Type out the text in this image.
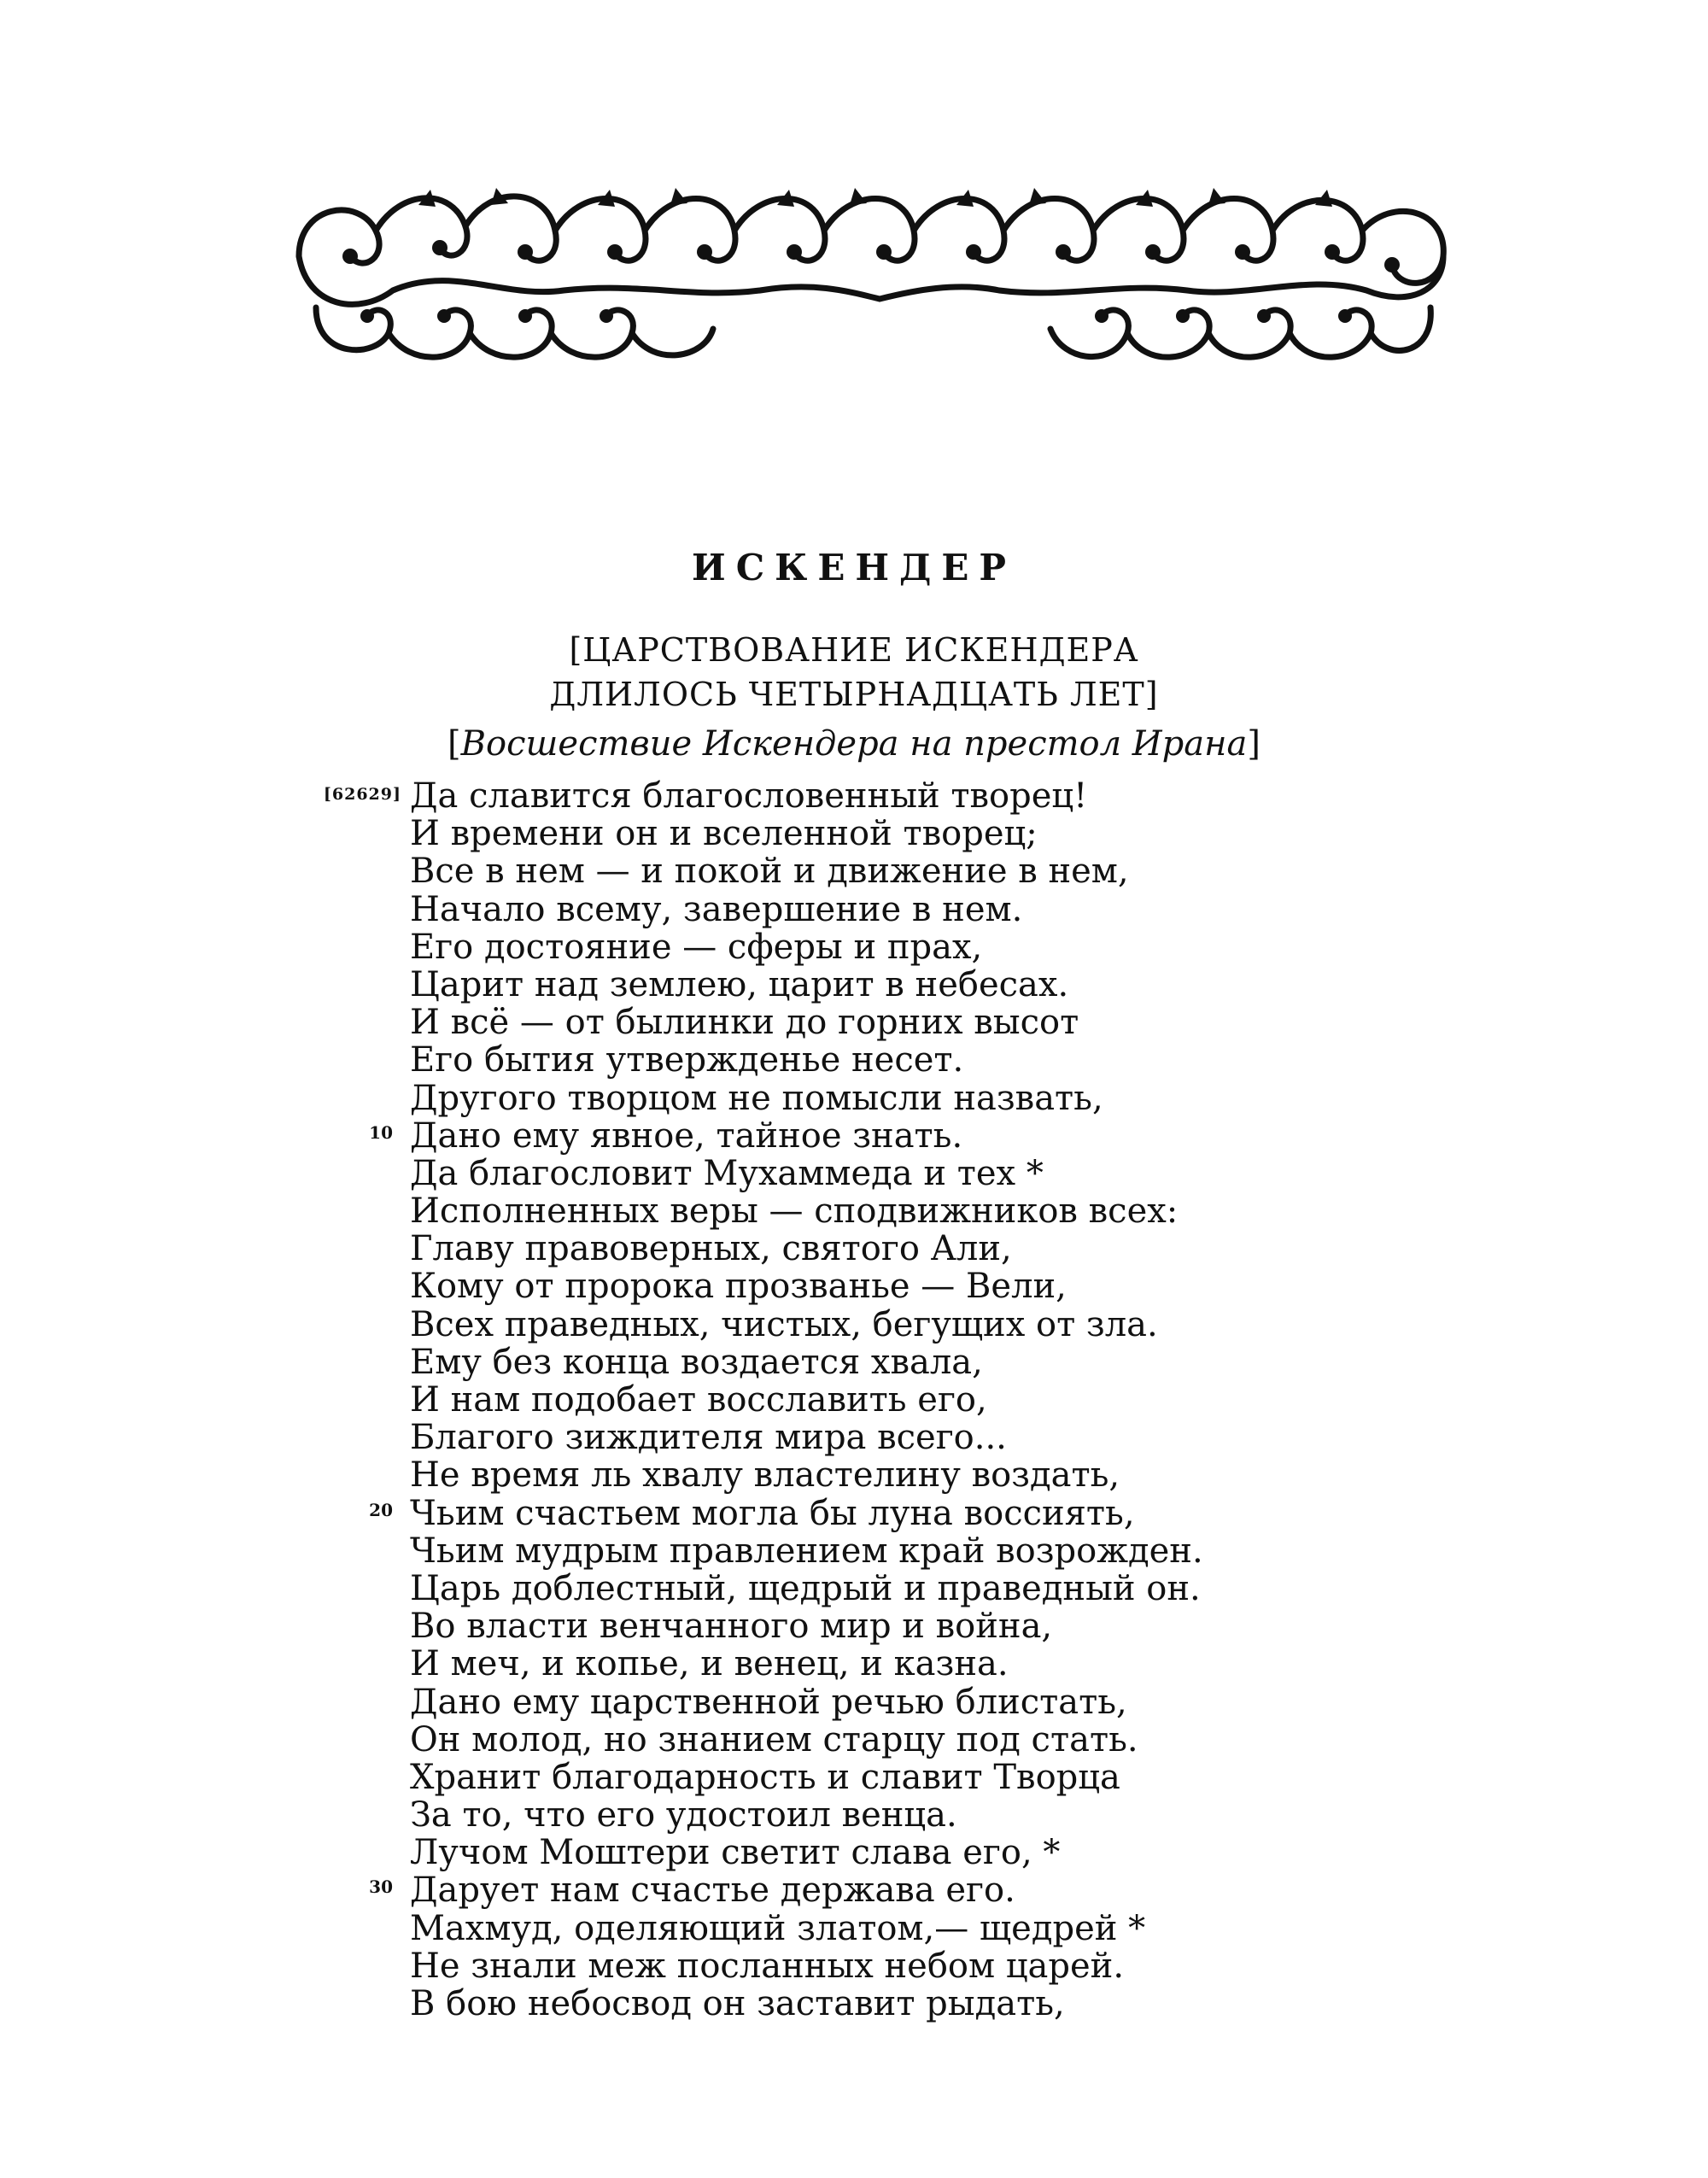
ИСКЕНДЕР
[ЦАРСТВОВАНИЕ ИСКЕНДЕРА
ДЛИЛОСЬ ЧЕТЫРНАДЦАТЬ ЛЕТ]
[Восшествие Искендера на престол Ирана]
[62629] Да славится благословенный творец!
И времени он и вселенной творец;
Все в нем — и покой и движение в нем,
Начало всему, завершение в нем.
Его достояние — сферы и прах,
Царит над землею, царит в небесах.
И всё — от былинки до горних высот
Его бытия утвержденье несет.
Другого творцом не помысли назвать,
10 Дано ему явное, тайное знать.
Да благословит Мухаммеда и тех *
Исполненных веры — сподвижников всех:
Главу правоверных, святого Али,
Кому от пророка прозванье — Вели,
Всех праведных, чистых, бегущих от зла.
Ему без конца воздается хвала,
И нам подобает восславить его,
Благого зиждителя мира всего...
Не время ль хвалу властелину воздать,
20 Чьим счастьем могла бы луна воссиять,
Чьим мудрым правлением край возрожден.
Царь доблестный, щедрый и праведный он.
Во власти венчанного мир и война,
И меч, и копье, и венец, и казна.
Дано ему царственной речью блистать,
Он молод, но знанием старцу под стать.
Хранит благодарность и славит Творца
За то, что его удостоил венца.
Лучом Моштери светит слава его, *
30 Дарует нам счастье держава его.
Махмуд, оделяющий златом,— щедрей *
Не знали меж посланных небом царей.
В бою небосвод он заставит рыдать,
